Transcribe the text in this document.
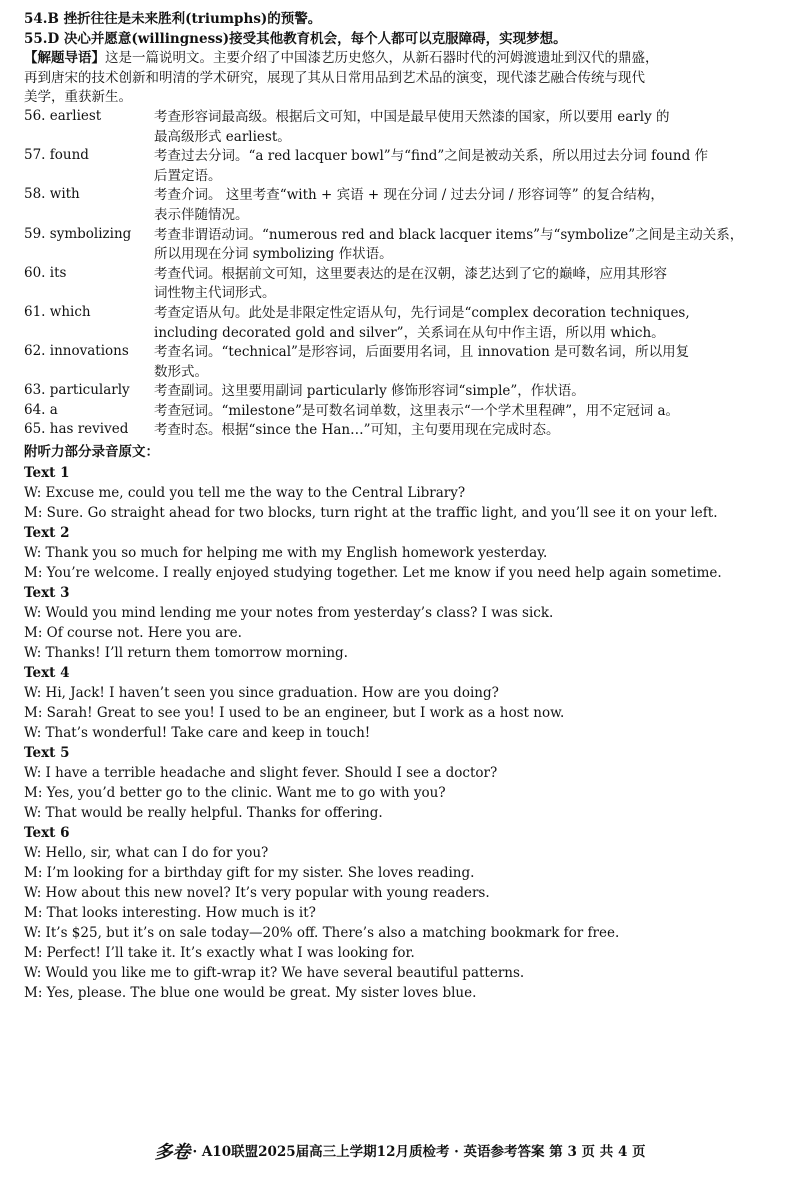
54.B 挫折往往是未来胜利(triumphs)的预警。
55.D 决心并愿意(willingness)接受其他教育机会，每个人都可以克服障碍，实现梦想。
【解题导语】这是一篇说明文。主要介绍了中国漆艺历史悠久，从新石器时代的河姆渡遗址到汉代的鼎盛，
再到唐宋的技术创新和明清的学术研究，展现了其从日常用品到艺术品的演变，现代漆艺融合传统与现代
美学，重获新生。
56. earliest	考查形容词最高级。根据后文可知，中国是最早使用天然漆的国家，所以要用 early 的
最高级形式 earliest。
57. found	考查过去分词。“a red lacquer bowl”与“find”之间是被动关系，所以用过去分词 found 作
后置定语。
58. with	考查介词。 这里考查“with + 宾语 + 现在分词 / 过去分词 / 形容词等” 的复合结构，
表示伴随情况。
59. symbolizing	考查非谓语动词。“numerous red and black lacquer items”与“symbolize”之间是主动关系，
所以用现在分词 symbolizing 作状语。
60. its	考查代词。根据前文可知，这里要表达的是在汉朝，漆艺达到了它的巅峰，应用其形容
词性物主代词形式。
61. which	考查定语从句。此处是非限定性定语从句，先行词是“complex decoration techniques,
including decorated gold and silver”，关系词在从句中作主语，所以用 which。
62. innovations	考查名词。“technical”是形容词，后面要用名词，且 innovation 是可数名词，所以用复
数形式。
63. particularly	考查副词。这里要用副词 particularly 修饰形容词“simple”，作状语。
64. a	考查冠词。“milestone”是可数名词单数，这里表示“一个学术里程碑”，用不定冠词 a。
65. has revived	考查时态。根据“since the Han…”可知，主句要用现在完成时态。
附听力部分录音原文：
Text 1
W: Excuse me, could you tell me the way to the Central Library?
M: Sure. Go straight ahead for two blocks, turn right at the traffic light, and you’ll see it on your left.
Text 2
W: Thank you so much for helping me with my English homework yesterday.
M: You’re welcome. I really enjoyed studying together. Let me know if you need help again sometime.
Text 3
W: Would you mind lending me your notes from yesterday’s class? I was sick.
M: Of course not. Here you are.
W: Thanks! I’ll return them tomorrow morning.
Text 4
W: Hi, Jack! I haven’t seen you since graduation. How are you doing?
M: Sarah! Great to see you! I used to be an engineer, but I work as a host now.
W: That’s wonderful! Take care and keep in touch!
Text 5
W: I have a terrible headache and slight fever. Should I see a doctor?
M: Yes, you’d better go to the clinic. Want me to go with you?
W: That would be really helpful. Thanks for offering.
Text 6
W: Hello, sir, what can I do for you?
M: I’m looking for a birthday gift for my sister. She loves reading.
W: How about this new novel? It’s very popular with young readers.
M: That looks interesting. How much is it?
W: It’s $25, but it’s on sale today—20% off. There’s also a matching bookmark for free.
M: Perfect! I’ll take it. It’s exactly what I was looking for.
W: Would you like me to gift-wrap it? We have several beautiful patterns.
M: Yes, please. The blue one would be great. My sister loves blue.
多卷 · A10联盟2025届高三上学期12月质检考 · 英语参考答案 第 3 页 共 4 页
